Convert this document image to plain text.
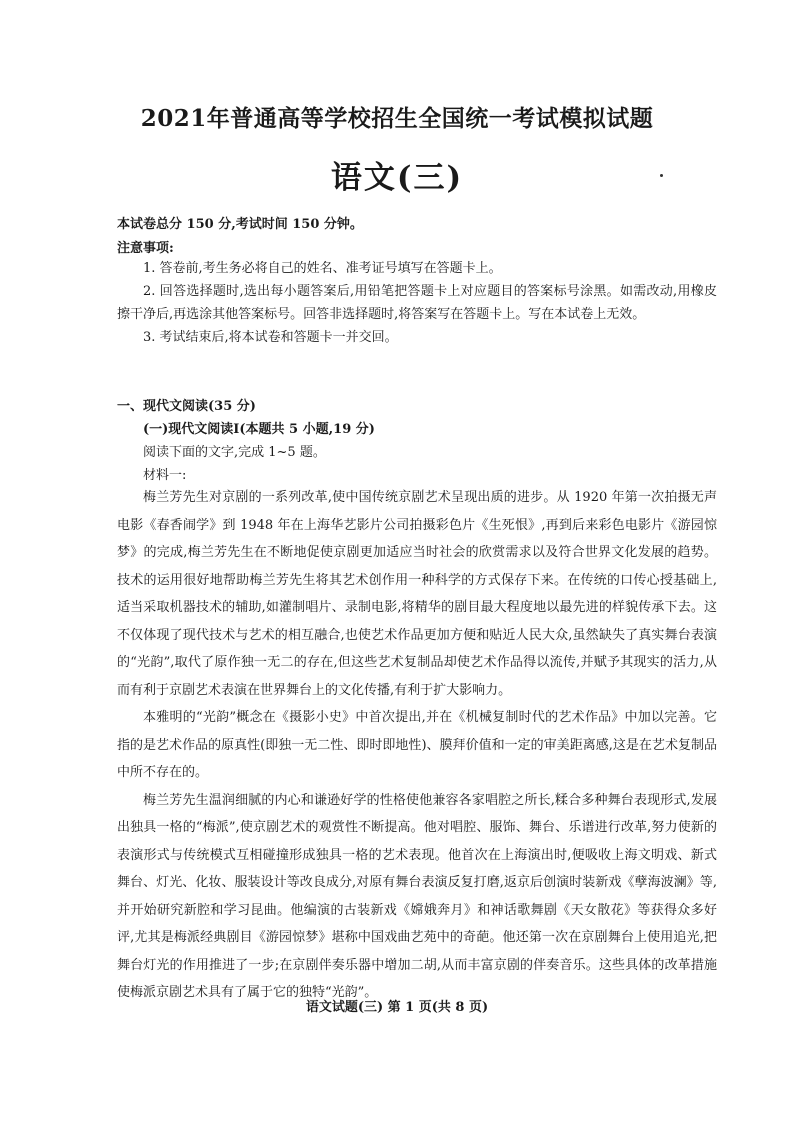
2021年普通高等学校招生全国统一考试模拟试题
语文(三)
本试卷总分 150 分,考试时间 150 分钟。
注意事项:

1. 答卷前,考生务必将自己的姓名、准考证号填写在答题卡上。

2. 回答选择题时,选出每小题答案后,用铅笔把答题卡上对应题目的答案标号涂黑。如需改动,用橡皮擦干净后,再选涂其他答案标号。回答非选择题时,将答案写在答题卡上。写在本试卷上无效。

3. 考试结束后,将本试卷和答题卡一并交回。

一、现代文阅读(35 分)
(一)现代文阅读Ⅰ(本题共 5 小题,19 分)
阅读下面的文字,完成 1~5 题。
材料一:

梅兰芳先生对京剧的一系列改革,使中国传统京剧艺术呈现出质的进步。从 1920 年第一次拍摄无声电影《春香闹学》到 1948 年在上海华艺影片公司拍摄彩色片《生死恨》,再到后来彩色电影片《游园惊梦》的完成,梅兰芳先生在不断地促使京剧更加适应当时社会的欣赏需求以及符合世界文化发展的趋势。技术的运用很好地帮助梅兰芳先生将其艺术创作用一种科学的方式保存下来。在传统的口传心授基础上,适当采取机器技术的辅助,如灌制唱片、录制电影,将精华的剧目最大程度地以最先进的样貌传承下去。这不仅体现了现代技术与艺术的相互融合,也使艺术作品更加方便和贴近人民大众,虽然缺失了真实舞台表演的“光韵”,取代了原作独一无二的存在,但这些艺术复制品却使艺术作品得以流传,并赋予其现实的活力,从而有利于京剧艺术表演在世界舞台上的文化传播,有利于扩大影响力。

本雅明的“光韵”概念在《摄影小史》中首次提出,并在《机械复制时代的艺术作品》中加以完善。它指的是艺术作品的原真性(即独一无二性、即时即地性)、膜拜价值和一定的审美距离感,这是在艺术复制品中所不存在的。

梅兰芳先生温润细腻的内心和谦逊好学的性格使他兼容各家唱腔之所长,糅合多种舞台表现形式,发展出独具一格的“梅派”,使京剧艺术的观赏性不断提高。他对唱腔、服饰、舞台、乐谱进行改革,努力使新的表演形式与传统模式互相碰撞形成独具一格的艺术表现。他首次在上海演出时,便吸收上海文明戏、新式舞台、灯光、化妆、服装设计等改良成分,对原有舞台表演反复打磨,返京后创演时装新戏《孽海波澜》等,并开始研究新腔和学习昆曲。他编演的古装新戏《嫦娥奔月》和神话歌舞剧《天女散花》等获得众多好评,尤其是梅派经典剧目《游园惊梦》堪称中国戏曲艺苑中的奇葩。他还第一次在京剧舞台上使用追光,把舞台灯光的作用推进了一步;在京剧伴奏乐器中增加二胡,从而丰富京剧的伴奏音乐。这些具体的改革措施使梅派京剧艺术具有了属于它的独特“光韵”。

语文试题(三) 第 1 页(共 8 页)
